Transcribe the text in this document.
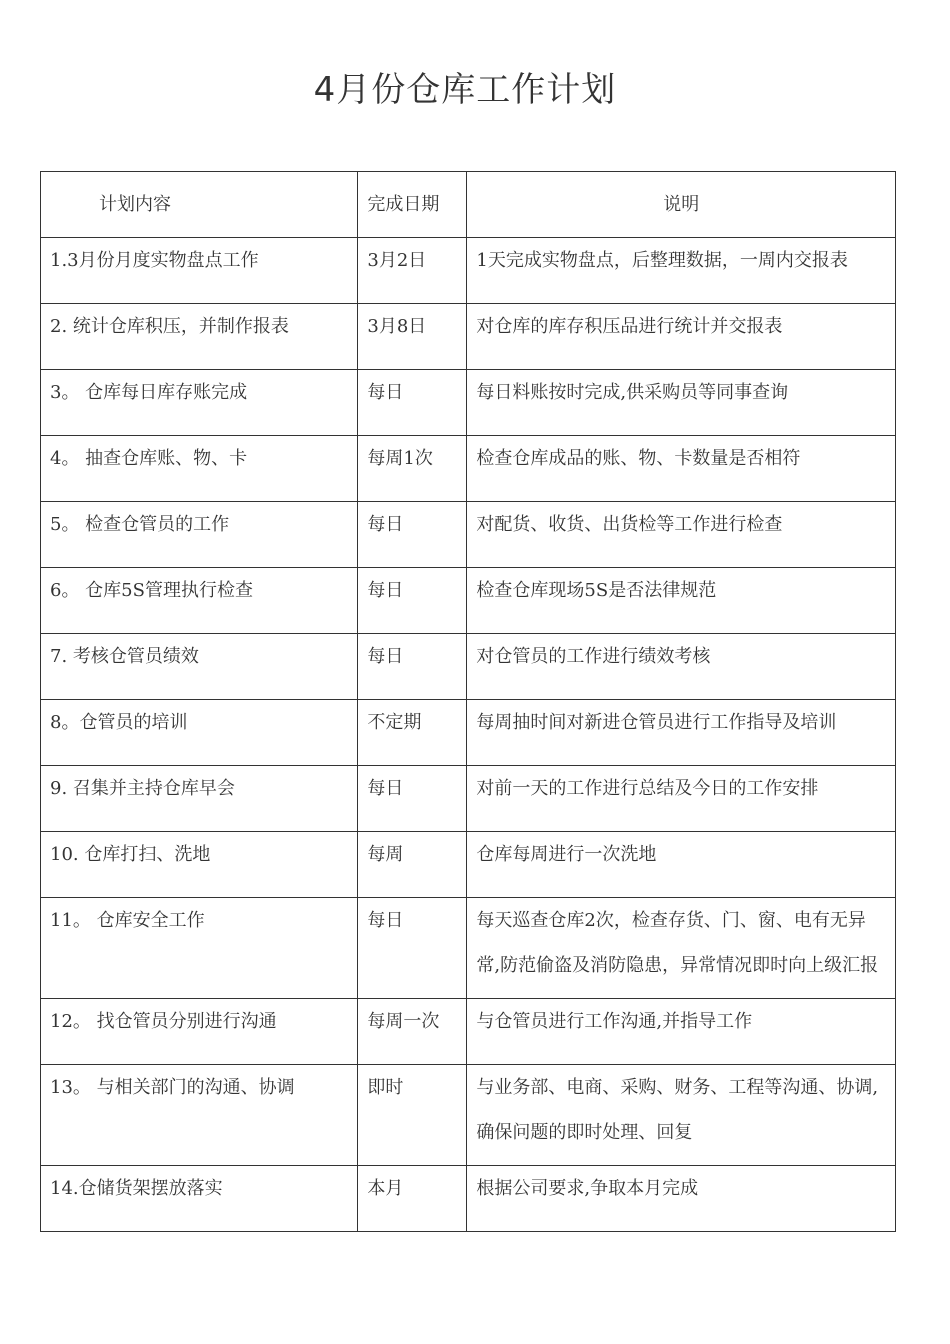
4月份仓库工作计划
计划内容	完成日期	说明

1.3月份月度实物盘点工作	3月2日	1天完成实物盘点，后整理数据，一周内交报表

2. 统计仓库积压，并制作报表	3月8日	对仓库的库存积压品进行统计并交报表

3。 仓库每日库存账完成	每日	每日料账按时完成,供采购员等同事查询

4。 抽查仓库账、物、卡	每周1次	检查仓库成品的账、物、卡数量是否相符

5。 检查仓管员的工作	每日	对配货、收货、出货检等工作进行检查

6。 仓库5S管理执行检查	每日	检查仓库现场5S是否法律规范

7. 考核仓管员绩效	每日	对仓管员的工作进行绩效考核

8。仓管员的培训	不定期	每周抽时间对新进仓管员进行工作指导及培训

9. 召集并主持仓库早会	每日	对前一天的工作进行总结及今日的工作安排

10. 仓库打扫、洗地	每周	仓库每周进行一次洗地

11。 仓库安全工作	每日	每天巡查仓库2次，检查存货、门、窗、电有无异常,防范偷盗及消防隐患，异常情况即时向上级汇报

12。 找仓管员分别进行沟通	每周一次	与仓管员进行工作沟通,并指导工作

13。 与相关部门的沟通、协调	即时	与业务部、电商、采购、财务、工程等沟通、协调,确保问题的即时处理、回复

14.仓储货架摆放落实	本月	根据公司要求,争取本月完成
